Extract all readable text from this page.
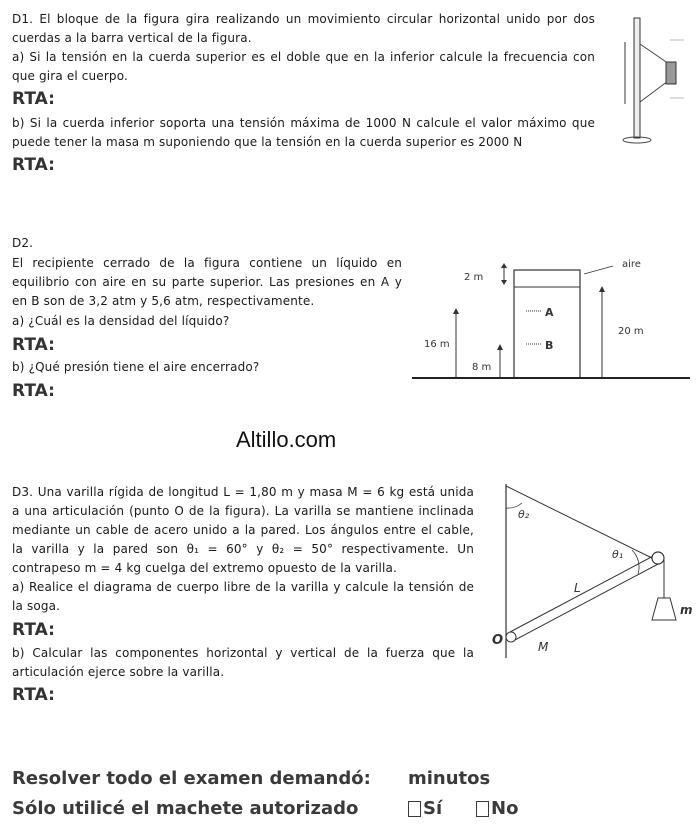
D1. El bloque de la figura gira realizando un movimiento circular horizontal unido por dos cuerdas a la barra vertical de la figura.
a) Si la tensión en la cuerda superior es el doble que en la inferior calcule la frecuencia con que gira el cuerpo.
RTA:
b) Si la cuerda inferior soporta una tensión máxima de 1000 N calcule el valor máximo que puede tener la masa m suponiendo que la tensión en la cuerda superior es 2000 N
RTA:
D2.
El recipiente cerrado de la figura contiene un líquido en equilibrio con aire en su parte superior. Las presiones en A y en B son de 3,2 atm y 5,6 atm, respectivamente.
a) ¿Cuál es la densidad del líquido?
RTA:
b) ¿Qué presión tiene el aire encerrado?
RTA:
aire
2 m
A
B
16 m
8 m
20 m
Altillo.com
D3. Una varilla rígida de longitud L = 1,80 m y masa M = 6 kg está unida a una articulación (punto O de la figura). La varilla se mantiene inclinada mediante un cable de acero unido a la pared. Los ángulos entre el cable, la varilla y la pared son θ₁ = 60° y θ₂ = 50° respectivamente. Un contrapeso m = 4 kg cuelga del extremo opuesto de la varilla.
a) Realice el diagrama de cuerpo libre de la varilla y calcule la tensión de la soga.
RTA:
b) Calcular las componentes horizontal y vertical de la fuerza que la articulación ejerce sobre la varilla.
RTA:
θ₂
θ₁
L
O	M
m
Resolver todo el examen demandó: minutos
Sólo utilicé el machete autorizado	Sí	No
